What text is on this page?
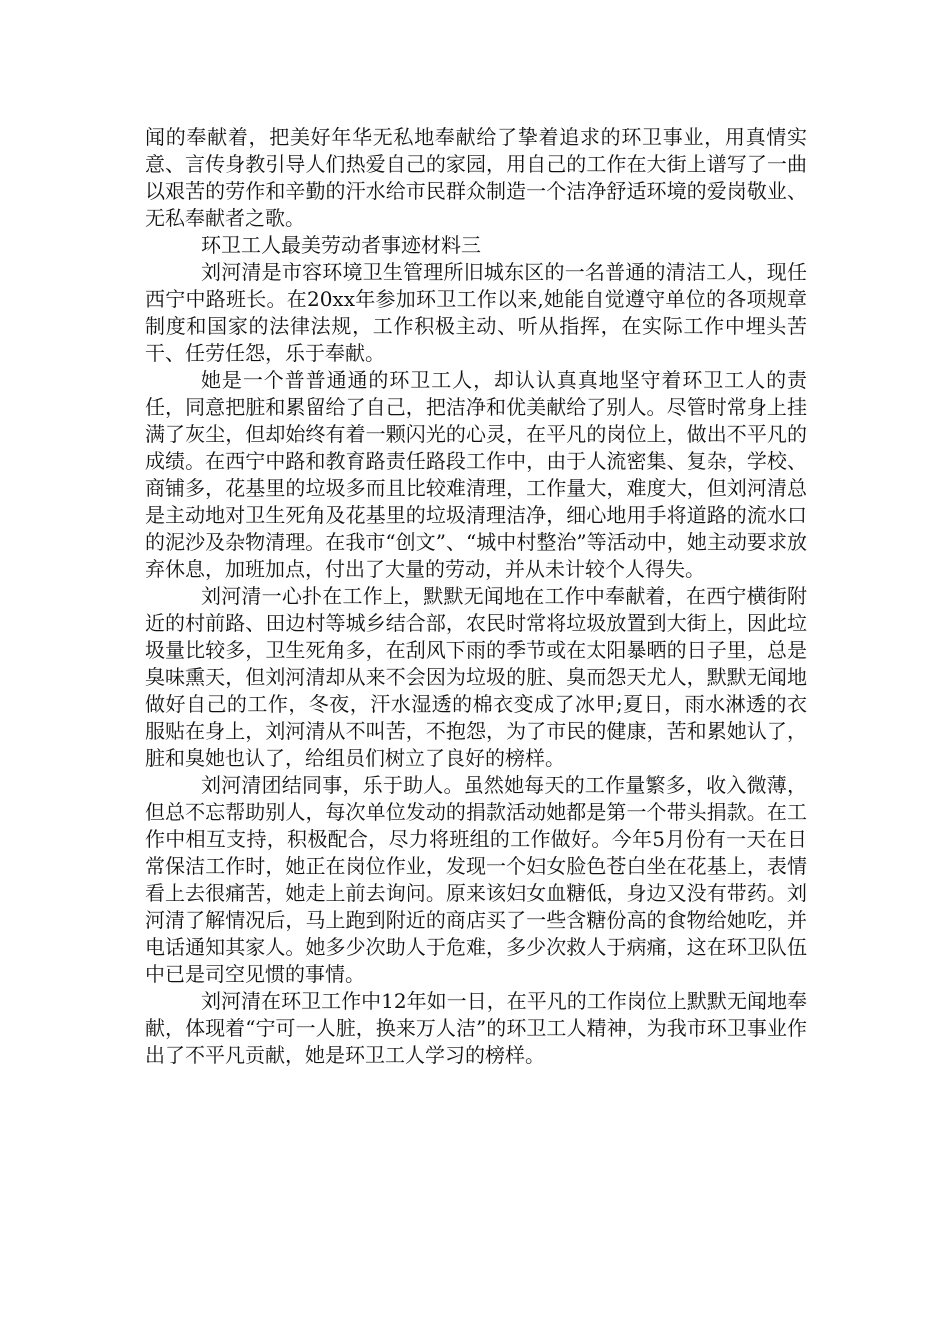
闻的奉献着，把美好年华无私地奉献给了挚着追求的环卫事业，用真情实意、言传身教引导人们热爱自己的家园，用自己的工作在大街上谱写了一曲以艰苦的劳作和辛勤的汗水给市民群众制造一个洁净舒适环境的爱岗敬业、无私奉献者之歌。

环卫工人最美劳动者事迹材料三

刘河清是市容环境卫生管理所旧城东区的一名普通的清洁工人，现任西宁中路班长。在20xx年参加环卫工作以来,她能自觉遵守单位的各项规章制度和国家的法律法规，工作积极主动、听从指挥，在实际工作中埋头苦干、任劳任怨，乐于奉献。

她是一个普普通通的环卫工人，却认认真真地坚守着环卫工人的责任，同意把脏和累留给了自己，把洁净和优美献给了别人。尽管时常身上挂满了灰尘，但却始终有着一颗闪光的心灵，在平凡的岗位上，做出不平凡的成绩。在西宁中路和教育路责任路段工作中，由于人流密集、复杂，学校、商铺多，花基里的垃圾多而且比较难清理，工作量大，难度大，但刘河清总是主动地对卫生死角及花基里的垃圾清理洁净，细心地用手将道路的流水口的泥沙及杂物清理。在我市“创文”、“城中村整治”等活动中，她主动要求放弃休息，加班加点，付出了大量的劳动，并从未计较个人得失。

刘河清一心扑在工作上，默默无闻地在工作中奉献着，在西宁横街附近的村前路、田边村等城乡结合部，农民时常将垃圾放置到大街上，因此垃圾量比较多，卫生死角多，在刮风下雨的季节或在太阳暴晒的日子里，总是臭味熏天，但刘河清却从来不会因为垃圾的脏、臭而怨天尤人，默默无闻地做好自己的工作，冬夜，汗水湿透的棉衣变成了冰甲;夏日，雨水淋透的衣服贴在身上，刘河清从不叫苦，不抱怨，为了市民的健康，苦和累她认了，脏和臭她也认了，给组员们树立了良好的榜样。

刘河清团结同事，乐于助人。虽然她每天的工作量繁多，收入微薄，但总不忘帮助别人，每次单位发动的捐款活动她都是第一个带头捐款。在工作中相互支持，积极配合，尽力将班组的工作做好。今年5月份有一天在日常保洁工作时，她正在岗位作业，发现一个妇女脸色苍白坐在花基上，表情看上去很痛苦，她走上前去询问。原来该妇女血糖低，身边又没有带药。刘河清了解情况后，马上跑到附近的商店买了一些含糖份高的食物给她吃，并电话通知其家人。她多少次助人于危难，多少次救人于病痛，这在环卫队伍中已是司空见惯的事情。

刘河清在环卫工作中12年如一日，在平凡的工作岗位上默默无闻地奉献，体现着“宁可一人脏，换来万人洁”的环卫工人精神，为我市环卫事业作出了不平凡贡献，她是环卫工人学习的榜样。
